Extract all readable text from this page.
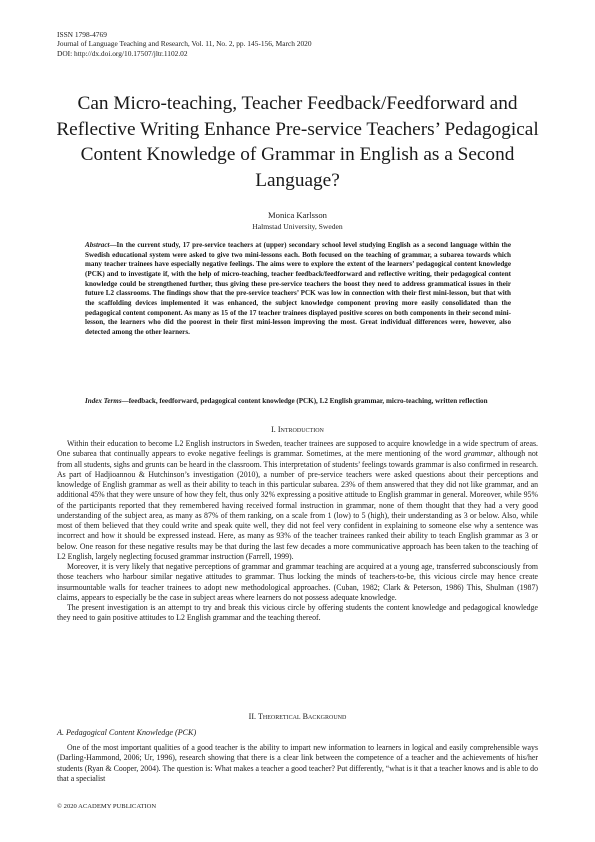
ISSN 1798-4769
Journal of Language Teaching and Research, Vol. 11, No. 2, pp. 145-156, March 2020
DOI: http://dx.doi.org/10.17507/jltr.1102.02
Can Micro-teaching, Teacher Feedback/Feedforward and Reflective Writing Enhance Pre-service Teachers’ Pedagogical Content Knowledge of Grammar in English as a Second Language?
Monica Karlsson
Halmstad University, Sweden
Abstract—In the current study, 17 pre-service teachers at (upper) secondary school level studying English as a second language within the Swedish educational system were asked to give two mini-lessons each. Both focused on the teaching of grammar, a subarea towards which many teacher trainees have especially negative feelings. The aims were to explore the extent of the learners’ pedagogical content knowledge (PCK) and to investigate if, with the help of micro-teaching, teacher feedback/feedforward and reflective writing, their pedagogical content knowledge could be strengthened further, thus giving these pre-service teachers the boost they need to address grammatical issues in their future L2 classrooms. The findings show that the pre-service teachers’ PCK was low in connection with their first mini-lesson, but that with the scaffolding devices implemented it was enhanced, the subject knowledge component proving more easily consolidated than the pedagogical content component. As many as 15 of the 17 teacher trainees displayed positive scores on both components in their second mini-lesson, the learners who did the poorest in their first mini-lesson improving the most. Great individual differences were, however, also detected among the other learners.
Index Terms—feedback, feedforward, pedagogical content knowledge (PCK), L2 English grammar, micro-teaching, written reflection
I. Introduction

Within their education to become L2 English instructors in Sweden, teacher trainees are supposed to acquire knowledge in a wide spectrum of areas. One subarea that continually appears to evoke negative feelings is grammar. Sometimes, at the mere mentioning of the word grammar, although not from all students, sighs and grunts can be heard in the classroom. This interpretation of students’ feelings towards grammar is also confirmed in research. As part of Hadjioannou & Hutchinson’s investigation (2010), a number of pre-service teachers were asked questions about their perceptions and knowledge of English grammar as well as their ability to teach in this particular subarea. 23% of them answered that they did not like grammar, and an additional 45% that they were unsure of how they felt, thus only 32% expressing a positive attitude to English grammar in general. Moreover, while 95% of the participants reported that they remembered having received formal instruction in grammar, none of them thought that they had a very good understanding of the subject area, as many as 87% of them ranking, on a scale from 1 (low) to 5 (high), their understanding as 3 or below. Also, while most of them believed that they could write and speak quite well, they did not feel very confident in explaining to someone else why a sentence was incorrect and how it should be expressed instead. Here, as many as 93% of the teacher trainees ranked their ability to teach English grammar as 3 or below. One reason for these negative results may be that during the last few decades a more communicative approach has been taken to the teaching of L2 English, largely neglecting focused grammar instruction (Farrell, 1999).

Moreover, it is very likely that negative perceptions of grammar and grammar teaching are acquired at a young age, transferred subconsciously from those teachers who harbour similar negative attitudes to grammar. Thus locking the minds of teachers-to-be, this vicious circle may hence create insurmountable walls for teacher trainees to adopt new methodological approaches. (Cuban, 1982; Clark & Peterson, 1986) This, Shulman (1987) claims, appears to especially be the case in subject areas where learners do not possess adequate knowledge.

The present investigation is an attempt to try and break this vicious circle by offering students the content knowledge and pedagogical knowledge they need to gain positive attitudes to L2 English grammar and the teaching thereof.

II. Theoretical Background
A. Pedagogical Content Knowledge (PCK)

One of the most important qualities of a good teacher is the ability to impart new information to learners in logical and easily comprehensible ways (Darling-Hammond, 2006; Ur, 1996), research showing that there is a clear link between the competence of a teacher and the achievements of his/her students (Ryan & Cooper, 2004). The question is: What makes a teacher a good teacher? Put differently, “what is it that a teacher knows and is able to do that a specialist

© 2020 ACADEMY PUBLICATION
